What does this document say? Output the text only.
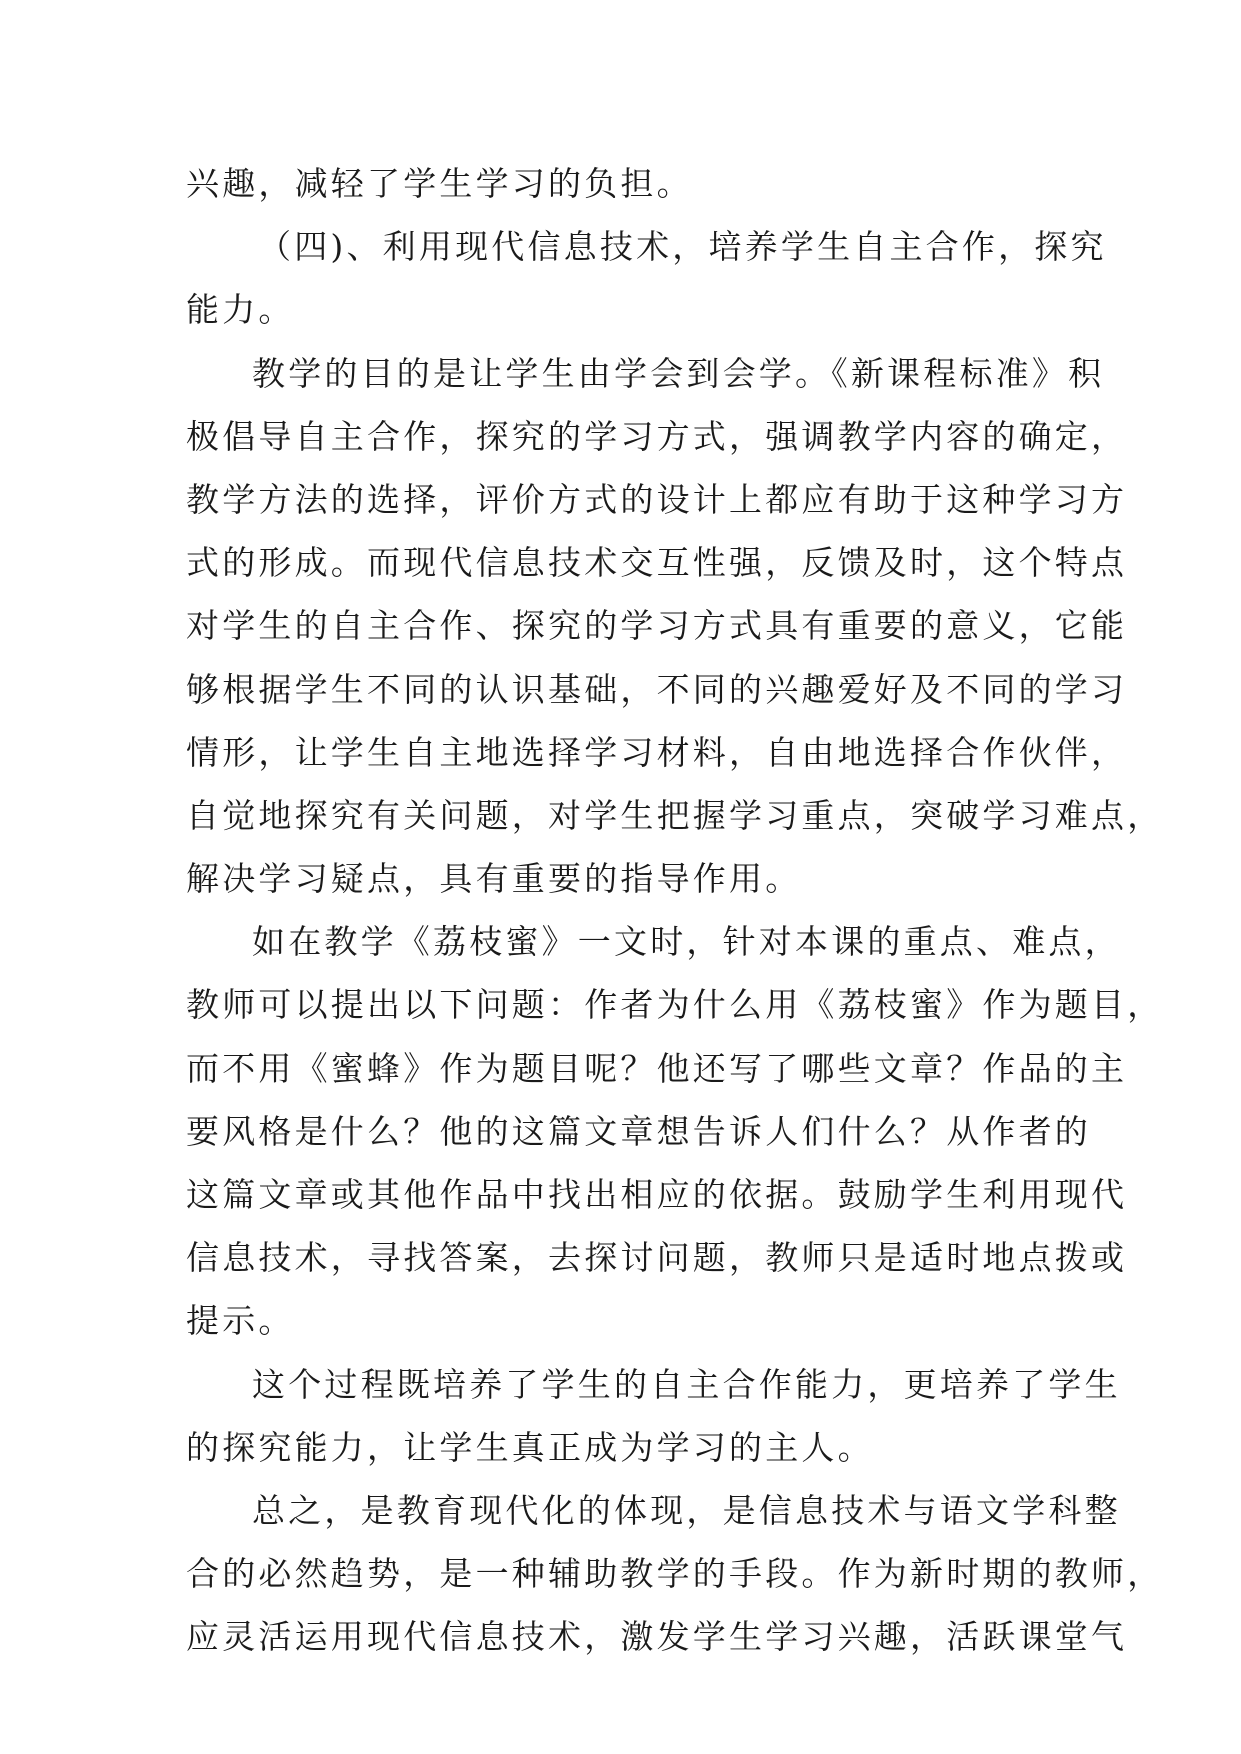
兴趣，减轻了学生学习的负担。
（四)、利用现代信息技术，培养学生自主合作，探究
能力。
教学的目的是让学生由学会到会学。《新课程标准》积
极倡导自主合作，探究的学习方式，强调教学内容的确定，
教学方法的选择，评价方式的设计上都应有助于这种学习方
式的形成。而现代信息技术交互性强，反馈及时，这个特点
对学生的自主合作、探究的学习方式具有重要的意义，它能
够根据学生不同的认识基础，不同的兴趣爱好及不同的学习
情形，让学生自主地选择学习材料，自由地选择合作伙伴，
自觉地探究有关问题，对学生把握学习重点，突破学习难点，
解决学习疑点，具有重要的指导作用。
如在教学《荔枝蜜》一文时，针对本课的重点、难点，
教师可以提出以下问题：作者为什么用《荔枝蜜》作为题目，
而不用《蜜蜂》作为题目呢？他还写了哪些文章？作品的主
要风格是什么？他的这篇文章想告诉人们什么？从作者的
这篇文章或其他作品中找出相应的依据。鼓励学生利用现代
信息技术，寻找答案，去探讨问题，教师只是适时地点拨或
提示。
这个过程既培养了学生的自主合作能力，更培养了学生
的探究能力，让学生真正成为学习的主人。
总之，是教育现代化的体现，是信息技术与语文学科整
合的必然趋势，是一种辅助教学的手段。作为新时期的教师，
应灵活运用现代信息技术，激发学生学习兴趣，活跃课堂气
